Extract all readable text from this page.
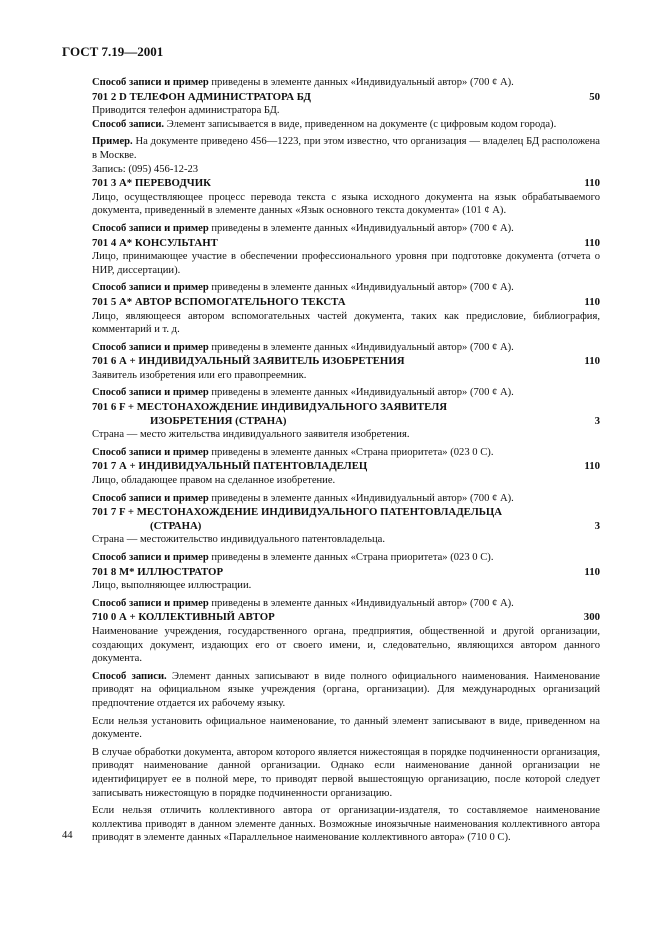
ГОСТ 7.19—2001

Способ записи и пример приведены в элементе данных «Индивидуальный автор» (700 ¢ А).

701 2 D ТЕЛЕФОН АДМИНИСТРАТОРА БД	50

Приводится телефон администратора БД.

Способ записи. Элемент записывается в виде, приведенном на документе (с цифровым кодом города).

Пример. На документе приведено 456—1223, при этом известно, что организация — владелец БД расположена в Москве.

Запись: (095) 456-12-23

701 3 А* ПЕРЕВОДЧИК	110

Лицо, осуществляющее процесс перевода текста с языка исходного документа на язык обрабатываемого документа, приведенный в элементе данных «Язык основного текста документа» (101 ¢ А).

Способ записи и пример приведены в элементе данных «Индивидуальный автор» (700 ¢ А).

701 4 А* КОНСУЛЬТАНТ	110

Лицо, принимающее участие в обеспечении профессионального уровня при подготовке документа (отчета о НИР, диссертации).

Способ записи и пример приведены в элементе данных «Индивидуальный автор» (700 ¢ А).

701 5 А* АВТОР ВСПОМОГАТЕЛЬНОГО ТЕКСТА	110

Лицо, являющееся автором вспомогательных частей документа, таких как предисловие, библиография, комментарий и т. д.

Способ записи и пример приведены в элементе данных «Индивидуальный автор» (700 ¢ А).

701 6 А + ИНДИВИДУАЛЬНЫЙ ЗАЯВИТЕЛЬ ИЗОБРЕТЕНИЯ	110

Заявитель изобретения или его правопреемник.

Способ записи и пример приведены в элементе данных «Индивидуальный автор» (700 ¢ А).

701 6 F + МЕСТОНАХОЖДЕНИЕ ИНДИВИДУАЛЬНОГО ЗАЯВИТЕЛЯ
ИЗОБРЕТЕНИЯ (СТРАНА)	3

Страна — место жительства индивидуального заявителя изобретения.

Способ записи и пример приведены в элементе данных «Страна приоритета» (023 0 С).

701 7 А + ИНДИВИДУАЛЬНЫЙ ПАТЕНТОВЛАДЕЛЕЦ	110

Лицо, обладающее правом на сделанное изобретение.

Способ записи и пример приведены в элементе данных «Индивидуальный автор» (700 ¢ А).

701 7 F + МЕСТОНАХОЖДЕНИЕ ИНДИВИДУАЛЬНОГО ПАТЕНТОВЛАДЕЛЬЦА
(СТРАНА)	3

Страна — местожительство индивидуального патентовладельца.

Способ записи и пример приведены в элементе данных «Страна приоритета» (023 0 С).

701 8 М* ИЛЛЮСТРАТОР	110

Лицо, выполняющее иллюстрации.

Способ записи и пример приведены в элементе данных «Индивидуальный автор» (700 ¢ А).

710 0 А + КОЛЛЕКТИВНЫЙ АВТОР	300

Наименование учреждения, государственного органа, предприятия, общественной и другой организации, создающих документ, издающих его от своего имени, и, следовательно, являющихся автором данного документа.

Способ записи. Элемент данных записывают в виде полного официального наименования. Наименование приводят на официальном языке учреждения (органа, организации). Для международных организаций предпочтение отдается их рабочему языку.

Если нельзя установить официальное наименование, то данный элемент записывают в виде, приведенном на документе.

В случае обработки документа, автором которого является нижестоящая в порядке подчиненности организация, приводят наименование данной организации. Однако если наименование данной организации не идентифицирует ее в полной мере, то приводят первой вышестоящую организацию, после которой следует записывать нижестоящую в порядке подчиненности организацию.

Если нельзя отличить коллективного автора от организации-издателя, то составляемое наименование коллектива приводят в данном элементе данных. Возможные иноязычные наименования коллективного автора приводят в элементе данных «Параллельное наименование коллективного автора» (710 0 С).

44
